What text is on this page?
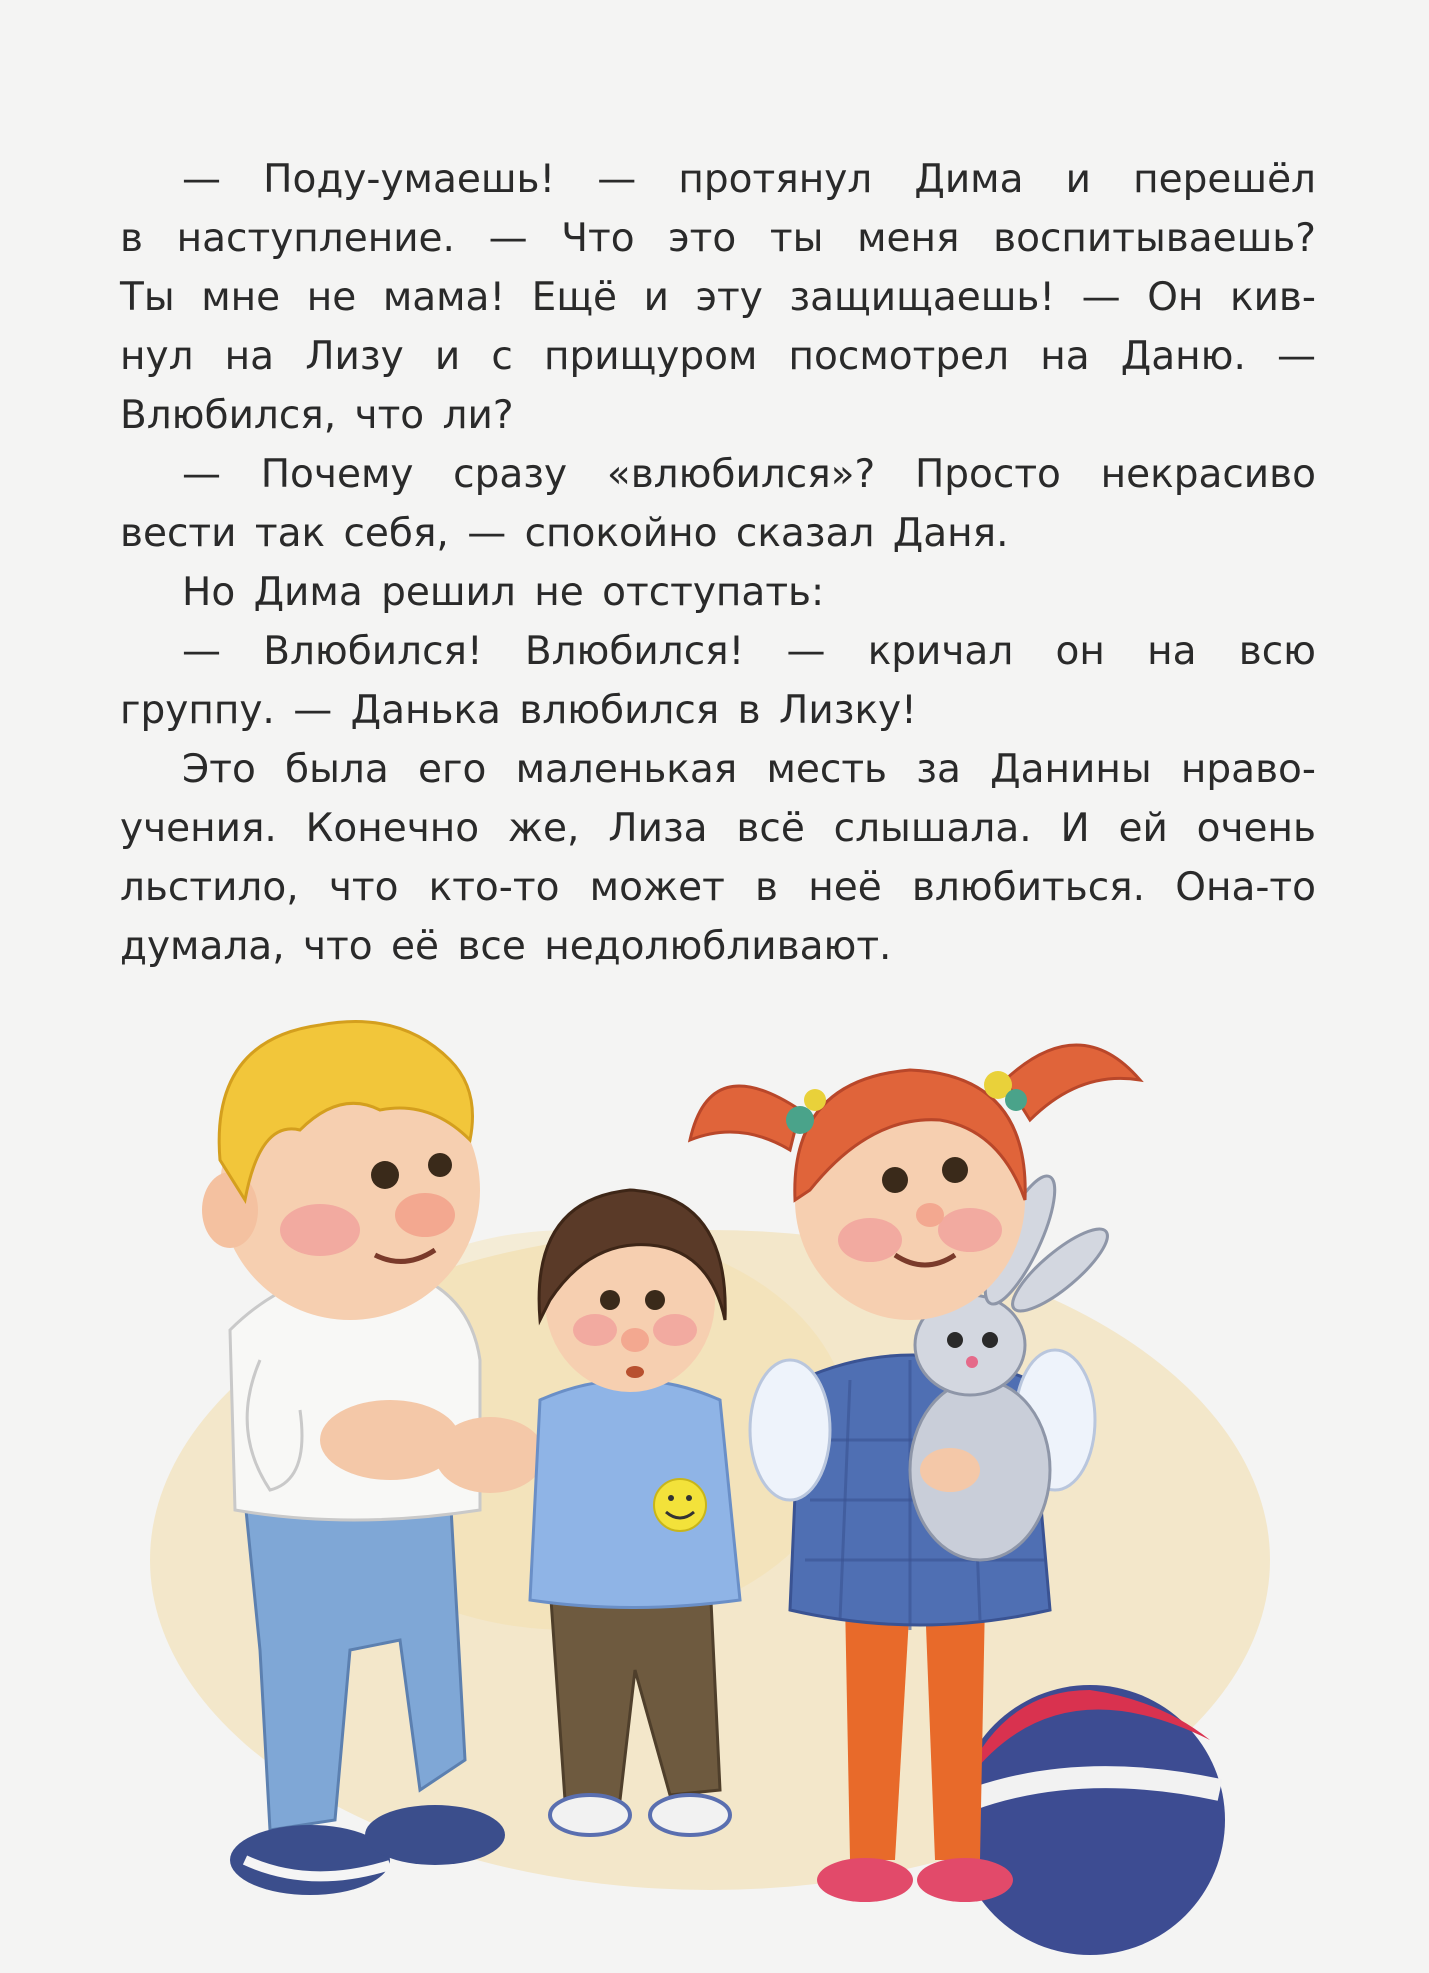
— Поду-умаешь! — протянул Дима и перешёл
в наступление. — Что это ты меня воспитываешь?
Ты мне не мама! Ещё и эту защищаешь! — Он кив-
нул на Лизу и с прищуром посмотрел на Даню. —
Влюбился, что ли?

— Почему сразу «влюбился»? Просто некрасиво
вести так себя, — спокойно сказал Даня.

Но Дима решил не отступать:

— Влюбился! Влюбился! — кричал он на всю
группу. — Данька влюбился в Лизку!

Это была его маленькая месть за Данины нраво-
учения. Конечно же, Лиза всё слышала. И ей очень
льстило, что кто-то может в неё влюбиться. Она-то
думала, что её все недолюбливают.
